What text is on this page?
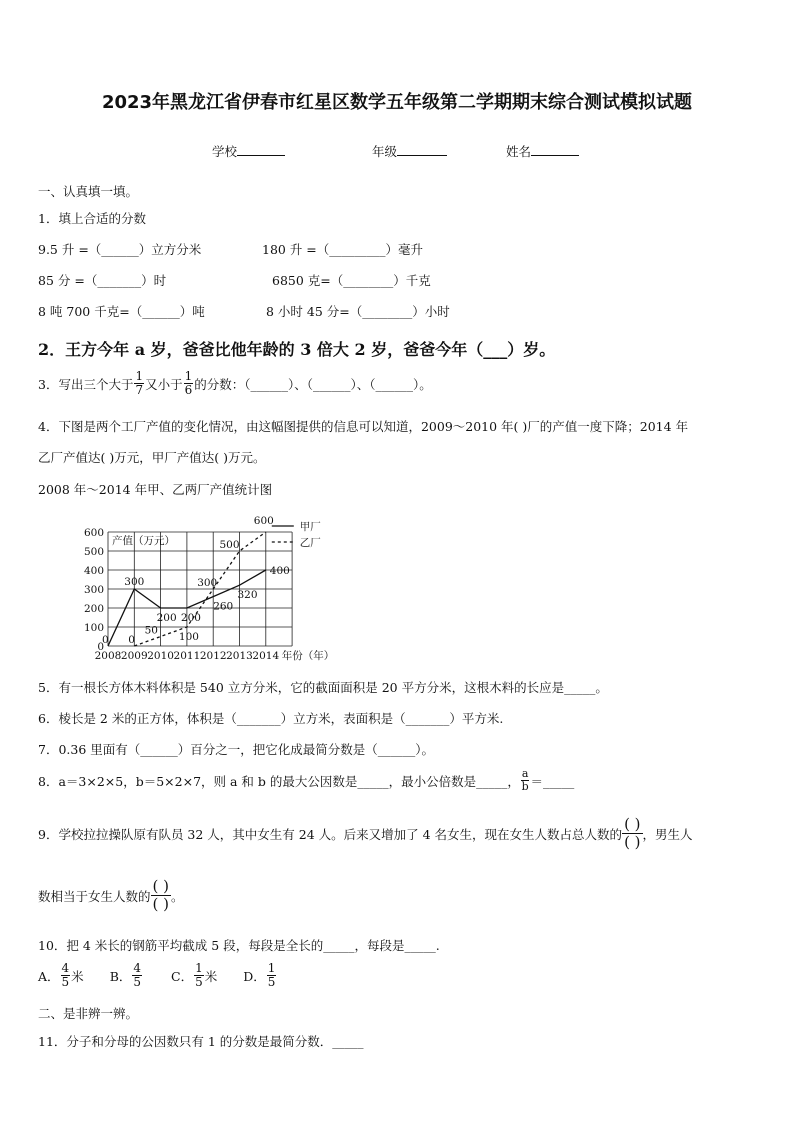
2023年黑龙江省伊春市红星区数学五年级第二学期期末综合测试模拟试题
学校	年级	姓名
一、认真填一填。
1．填上合适的分数
9.5 升 =（______）立方分米	180 升 =（_________）毫升
85 分 =（_______）时	6850 克=（________）千克
8 吨 700 千克=（______）吨	8 小时 45 分=（________）小时
2．王方今年 a 岁，爸爸比他年龄的 3 倍大 2 岁，爸爸今年（___）岁。
3．写出三个大于 $\frac{1}{7}$ 又小于 $\frac{1}{6}$ 的分数：（______）、（______）、（______）。
4．下图是两个工厂产值的变化情况，由这幅图提供的信息可以知道，2009～2010 年( )厂的产值一度下降；2014 年
乙厂产值达( )万元，甲厂产值达( )万元。
2008 年～2014 年甲、乙两厂产值统计图
0
100
200
300
400
500
600
2008 2009 2010 2011 2012 2013 2014
产值（万元）
年份（年）
0
300
200 200
260
320
400
0
50
100
300
500
600 甲厂
乙厂
5．有一根长方体木料体积是 540 立方分米，它的截面面积是 20 平方分米，这根木料的长应是_____。
6．棱长是 2 米的正方体，体积是（_______）立方米，表面积是（_______）平方米.
7．0.36 里面有（______）百分之一，把它化成最简分数是（______）。
8．a＝3×2×5，b＝5×2×7，则 a 和 b 的最大公因数是_____，最小公倍数是_____， $\frac{a}{b}$ ＝_____
9．学校拉拉操队原有队员 32 人，其中女生有 24 人。后来又增加了 4 名女生，现在女生人数占总人数的
( )
( ) ，男生人
数相当于女生人数的
( )
( ) 。
10．把 4 米长的钢筋平均截成 5 段，每段是全长的_____，每段是_____.
A． $\frac{4}{5}$ 米 B． $\frac{4}{5}$ C． $\frac{1}{5}$ 米 D． $\frac{1}{5}$
二、是非辨一辨。
11．分子和分母的公因数只有 1 的分数是最简分数．_____
